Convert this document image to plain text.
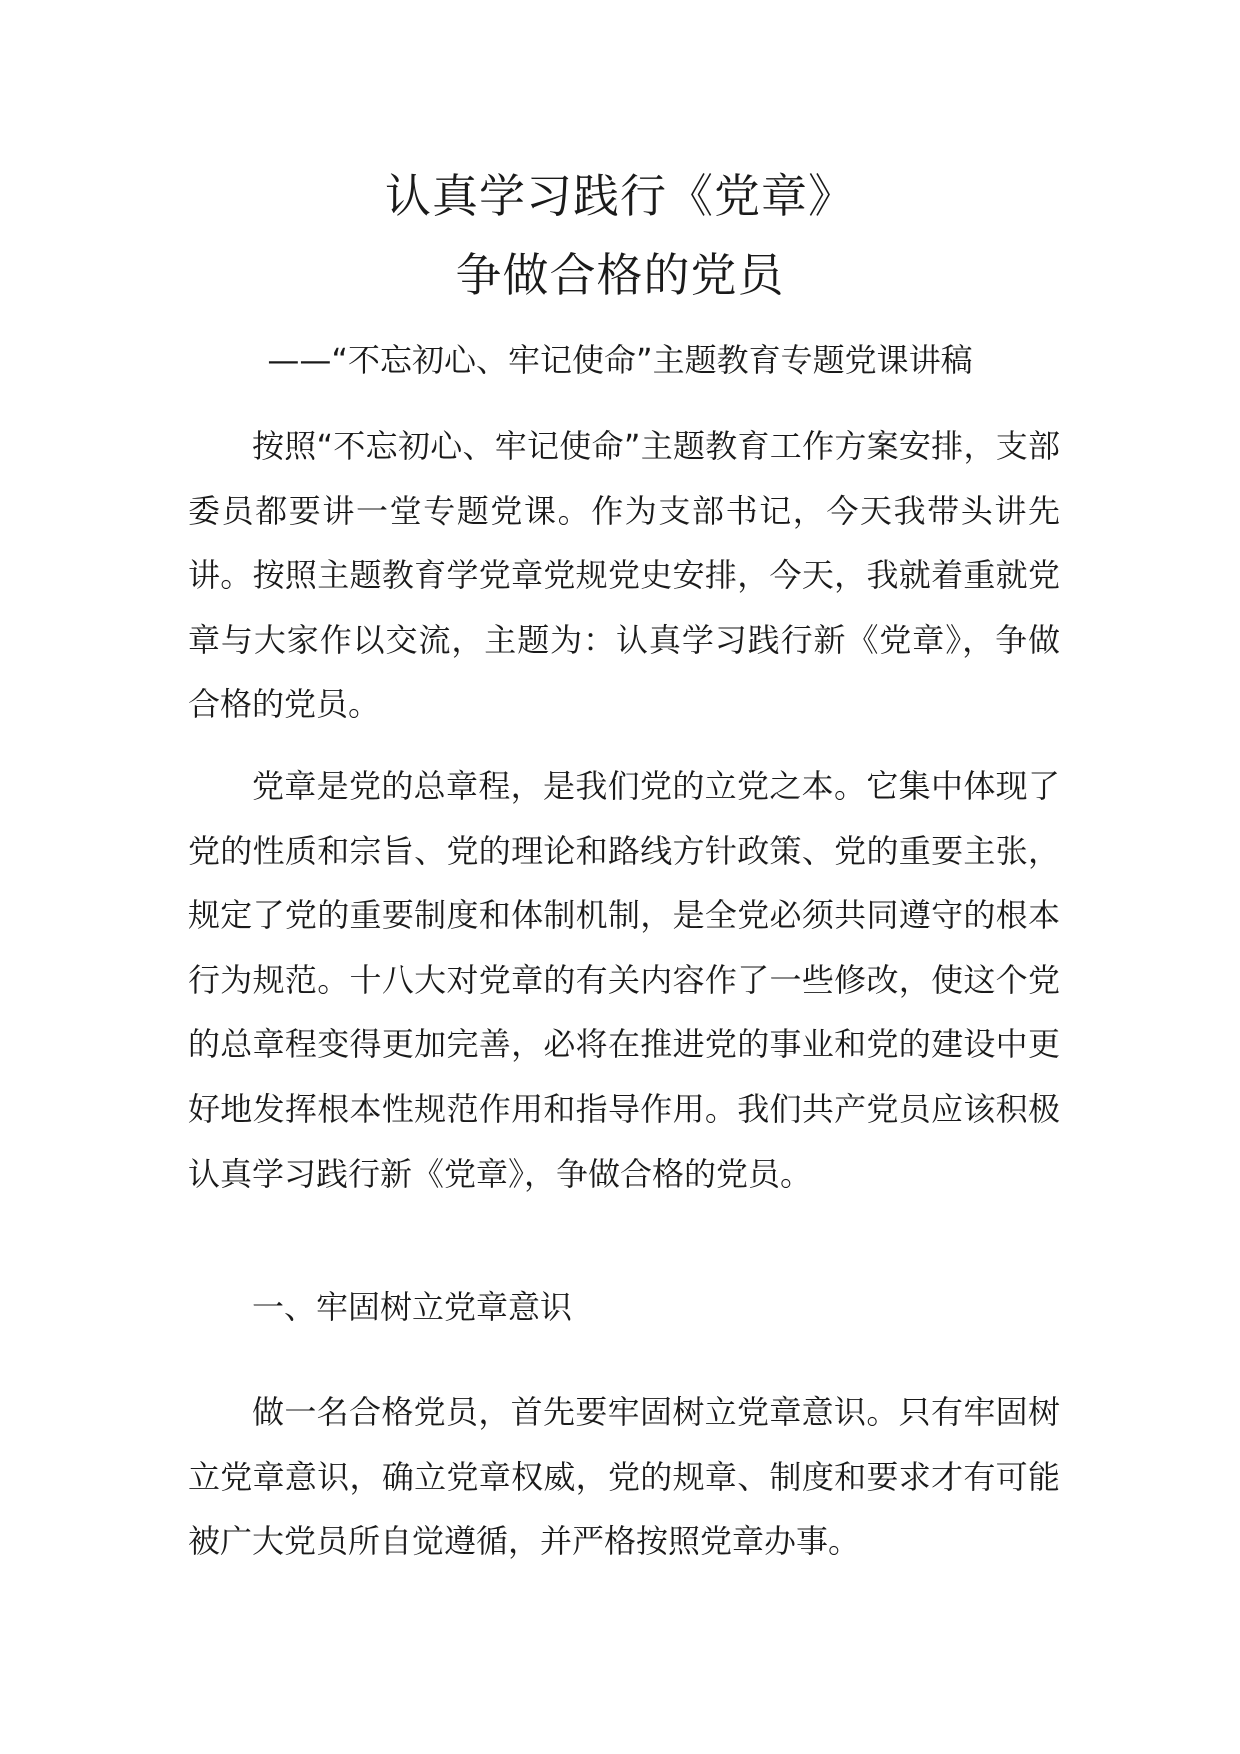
认真学习践行《党章》
争做合格的党员

——“不忘初心、牢记使命”主题教育专题党课讲稿

按照“不忘初心、牢记使命”主题教育工作方案安排，支部委员都要讲一堂专题党课。作为支部书记，今天我带头讲先讲。按照主题教育学党章党规党史安排，今天，我就着重就党章与大家作以交流，主题为：认真学习践行新《党章》，争做合格的党员。

党章是党的总章程，是我们党的立党之本。它集中体现了党的性质和宗旨、党的理论和路线方针政策、党的重要主张，规定了党的重要制度和体制机制，是全党必须共同遵守的根本行为规范。十八大对党章的有关内容作了一些修改，使这个党的总章程变得更加完善，必将在推进党的事业和党的建设中更好地发挥根本性规范作用和指导作用。我们共产党员应该积极认真学习践行新《党章》，争做合格的党员。

一、牢固树立党章意识

做一名合格党员，首先要牢固树立党章意识。只有牢固树立党章意识，确立党章权威，党的规章、制度和要求才有可能被广大党员所自觉遵循，并严格按照党章办事。
